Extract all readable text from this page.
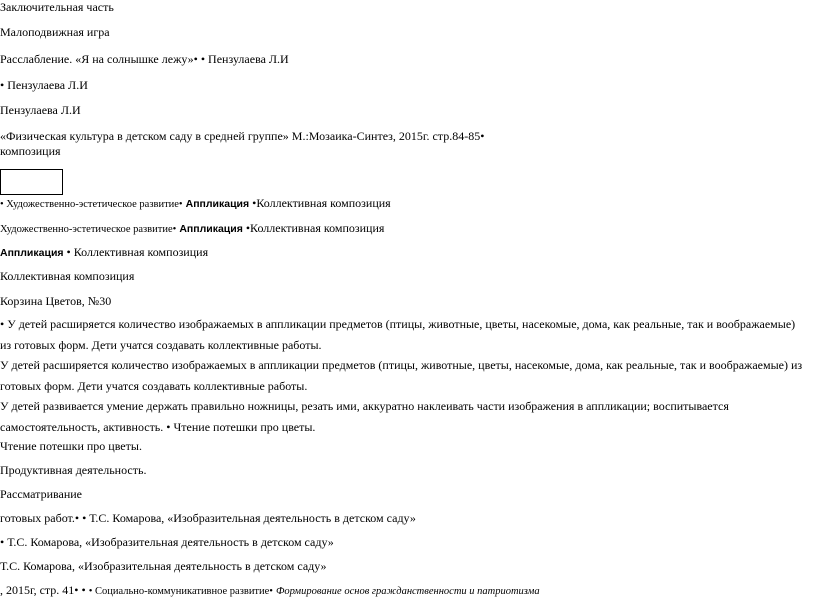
Заключительная часть
Малоподвижная игра
Расслабление. «Я на солнышке лежу»• • Пензулаева Л.И
• Пензулаева Л.И
Пензулаева Л.И
«Физическая культура в детском саду в средней группе» М.:Мозаика-Синтез, 2015г. стр.84-85•
композиция
• Художественно-эстетическое развитие• Аппликация •Коллективная композиция
Художественно-эстетическое развитие• Аппликация •Коллективная композиция
Аппликация • Коллективная композиция
Коллективная композиция
Корзина Цветов, №30
• У детей расширяется количество изображаемых в аппликации предметов (птицы, животные, цветы, насекомые, дома, как реальные, так и воображаемые) из готовых форм. Дети учатся создавать коллективные работы.
У детей расширяется количество изображаемых в аппликации предметов (птицы, животные, цветы, насекомые, дома, как реальные, так и воображаемые) из готовых форм. Дети учатся создавать коллективные работы.
У детей развивается умение держать правильно ножницы, резать ими, аккуратно наклеивать части изображения в аппликации; воспитывается самостоятельность, активность. • Чтение потешки про цветы.
Чтение потешки про цветы.
Продуктивная деятельность.
Рассматривание
готовых работ.• • Т.С. Комарова, «Изобразительная деятельность в детском саду»
• Т.С. Комарова, «Изобразительная деятельность в детском саду»
Т.С. Комарова, «Изобразительная деятельность в детском саду»
, 2015г, стр. 41• • • Социально-коммуникативное развитие• Формирование основ гражданственности и патриотизма
